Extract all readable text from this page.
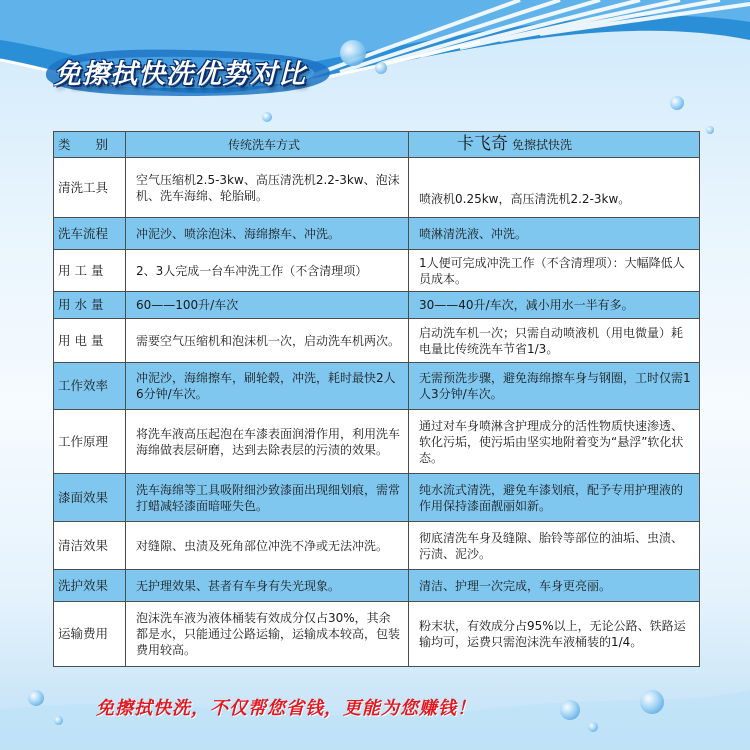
免擦拭快洗优势对比
类　　别	传统洗车方式	卡飞奇 免擦拭快洗
清洗工具	空气压缩机2.5-3kw、高压清洗机2.2-3kw、泡沫机、洗车海绵、轮胎刷。	喷液机0.25kw，高压清洗机2.2-3kw。
洗车流程	冲泥沙、喷涂泡沫、海绵擦车、冲洗。	喷淋清洗液、冲洗。
用 工 量	2、3人完成一台车冲洗工作（不含清理项）	1人便可完成冲洗工作（不含清理项）：大幅降低人员成本。
用 水 量	60——100升/车次	30——40升/车次，减小用水一半有多。
用 电 量	需要空气压缩机和泡沫机一次，启动洗车机两次。	启动洗车机一次；只需自动喷液机（用电微量）耗电量比传统洗车节省1/3。
工作效率	冲泥沙，海绵擦车，刷轮毂，冲洗，耗时最快2人6分钟/车次。	无需预洗步骤，避免海绵擦车身与钢圈，工时仅需1人3分钟/车次。
工作原理	将洗车液高压起泡在车漆表面润滑作用，利用洗车海绵做表层研磨，达到去除表层的污渍的效果。	通过对车身喷淋含护理成分的活性物质快速渗透、软化污垢，使污垢由坚实地附着变为“悬浮”软化状态。
漆面效果	洗车海绵等工具吸附细沙致漆面出现细划痕，需常打蜡减轻漆面暗哑失色。	纯水流式清洗，避免车漆划痕，配予专用护理液的作用保持漆面靓丽如新。
清洁效果	对缝隙、虫渍及死角部位冲洗不净或无法冲洗。	彻底清洗车身及缝隙、胎铃等部位的油垢、虫渍、污渍、泥沙。
洗护效果	无护理效果、甚者有车身有失光现象。	清洁、护理一次完成，车身更亮丽。
运输费用	泡沫洗车液为液体桶装有效成分仅占30%，其余都是水，只能通过公路运输，运输成本较高，包装费用较高。	粉末状，有效成分占95%以上，无论公路、铁路运输均可，运费只需泡沫洗车液桶装的1/4。
免擦拭快洗，不仅帮您省钱，更能为您赚钱！
